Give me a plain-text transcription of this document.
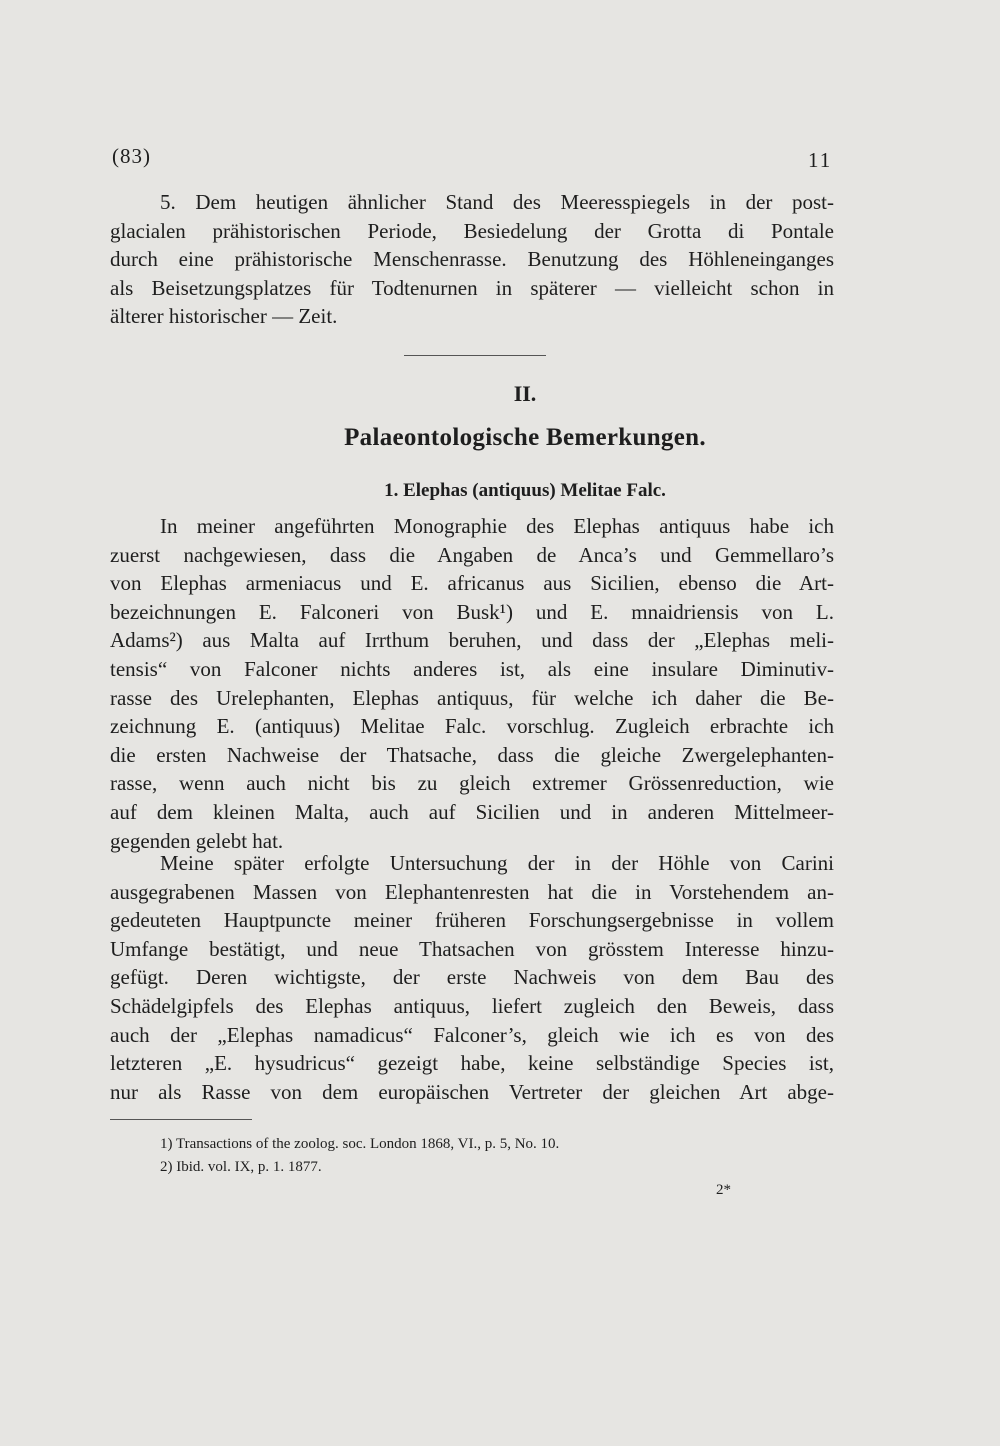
(83)	11
5. Dem heutigen ähnlicher Stand des Meeresspiegels in der post-
glacialen prähistorischen Periode, Besiedelung der Grotta di Pontale
durch eine prähistorische Menschenrasse. Benutzung des Höhleneinganges
als Beisetzungsplatzes für Todtenurnen in späterer — vielleicht schon in
älterer historischer — Zeit.
II.
Palaeontologische Bemerkungen.
1. Elephas (antiquus) Melitae Falc.
In meiner angeführten Monographie des Elephas antiquus habe ich
zuerst nachgewiesen, dass die Angaben de Anca’s und Gemmellaro’s
von Elephas armeniacus und E. africanus aus Sicilien, ebenso die Art-
bezeichnungen E. Falconeri von Busk¹) und E. mnaidriensis von L.
Adams²) aus Malta auf Irrthum beruhen, und dass der „Elephas meli-
tensis“ von Falconer nichts anderes ist, als eine insulare Diminutiv-
rasse des Urelephanten, Elephas antiquus, für welche ich daher die Be-
zeichnung E. (antiquus) Melitae Falc. vorschlug. Zugleich erbrachte ich
die ersten Nachweise der Thatsache, dass die gleiche Zwergelephanten-
rasse, wenn auch nicht bis zu gleich extremer Grössenreduction, wie
auf dem kleinen Malta, auch auf Sicilien und in anderen Mittelmeer-
gegenden gelebt hat.
Meine später erfolgte Untersuchung der in der Höhle von Carini
ausgegrabenen Massen von Elephantenresten hat die in Vorstehendem an-
gedeuteten Hauptpuncte meiner früheren Forschungsergebnisse in vollem
Umfange bestätigt, und neue Thatsachen von grösstem Interesse hinzu-
gefügt. Deren wichtigste, der erste Nachweis von dem Bau des
Schädelgipfels des Elephas antiquus, liefert zugleich den Beweis, dass
auch der „Elephas namadicus“ Falconer’s, gleich wie ich es von des
letzteren „E. hysudricus“ gezeigt habe, keine selbständige Species ist,
nur als Rasse von dem europäischen Vertreter der gleichen Art abge-
1) Transactions of the zoolog. soc. London 1868, VI., p. 5, No. 10.
2) Ibid. vol. IX, p. 1. 1877.
2*
